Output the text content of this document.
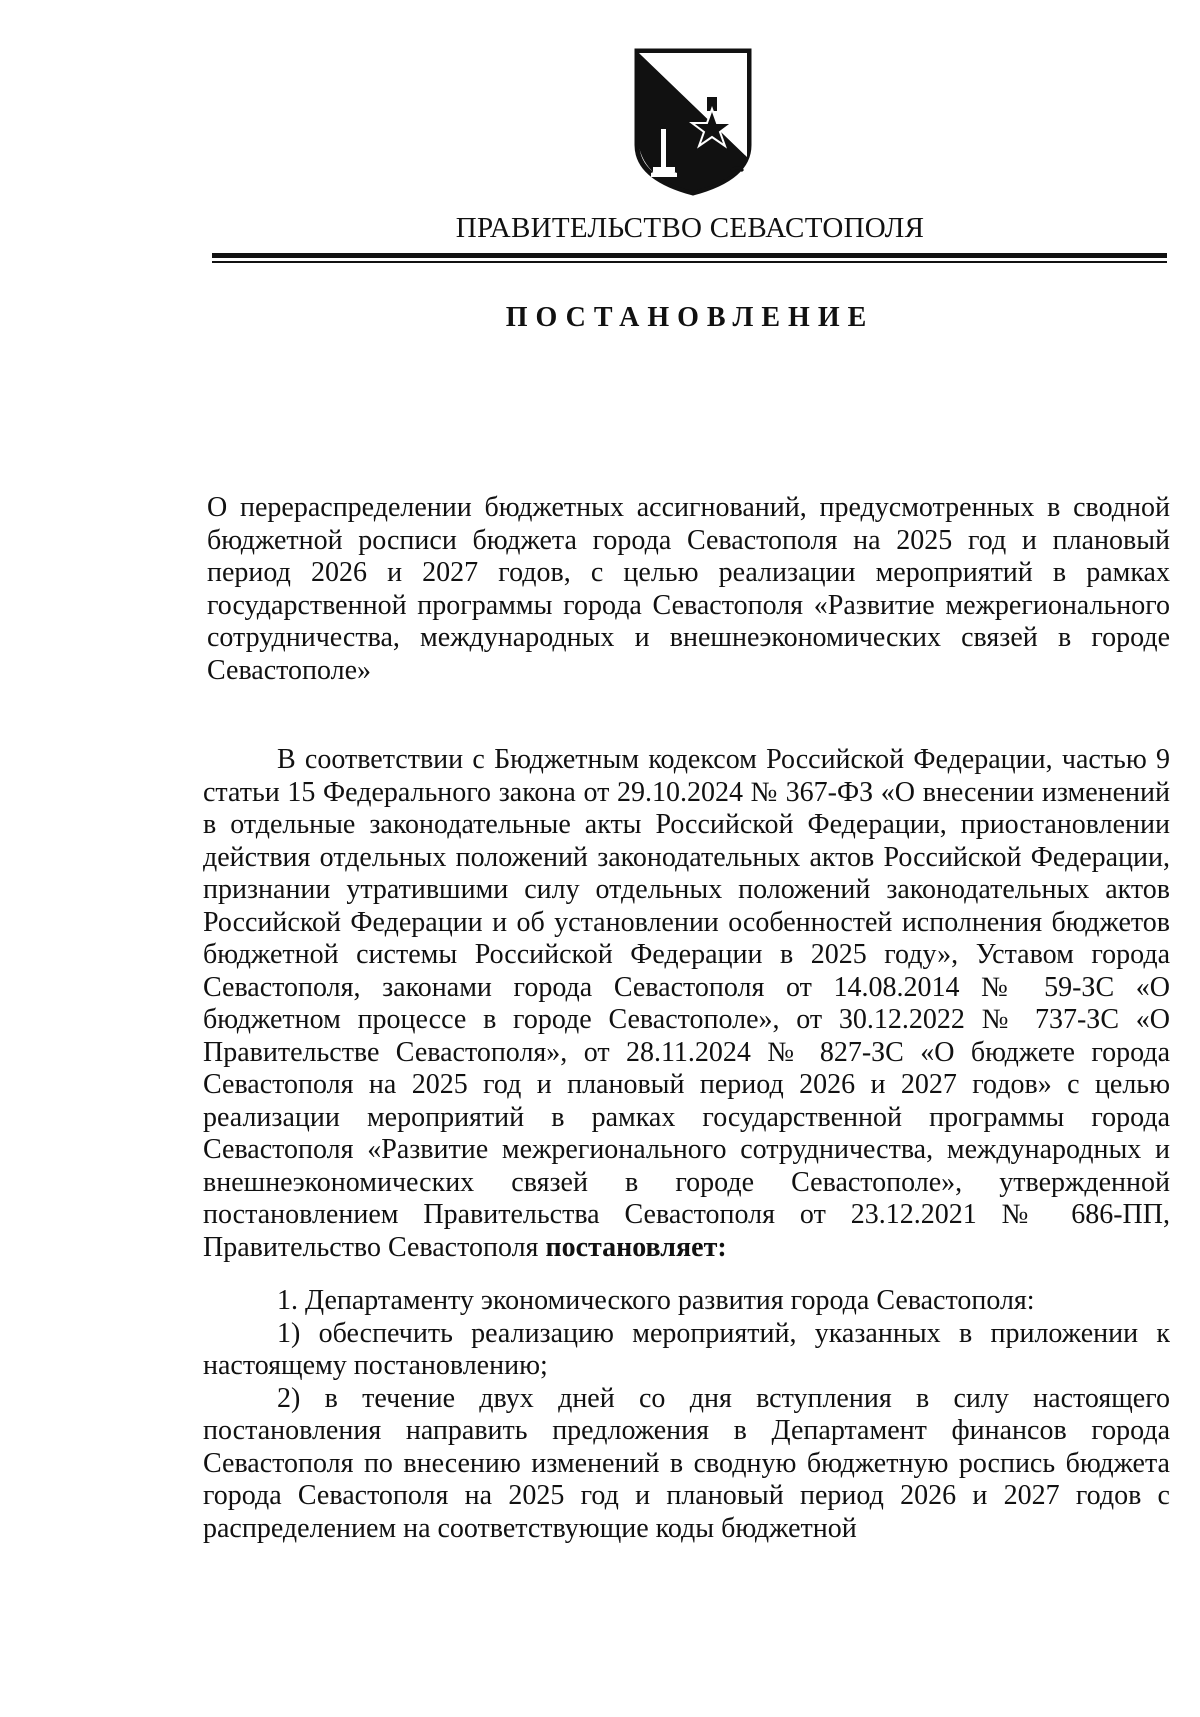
ПРАВИТЕЛЬСТВО СЕВАСТОПОЛЯ
ПОСТАНОВЛЕНИЕ
О перераспределении бюджетных ассигнований, предусмотренных в сводной бюджетной росписи бюджета города Севастополя на 2025 год и плановый период 2026 и 2027 годов, с целью реализации мероприятий в рамках государственной программы города Севастополя «Развитие межрегионального сотрудничества, международных и внешнеэкономических связей в городе Севастополе»

В соответствии с Бюджетным кодексом Российской Федерации, частью 9 статьи 15 Федерального закона от 29.10.2024 № 367-ФЗ «О внесении изменений в отдельные законодательные акты Российской Федерации, приостановлении действия отдельных положений законодательных актов Российской Федерации, признании утратившими силу отдельных положений законодательных актов Российской Федерации и об установлении особенностей исполнения бюджетов бюджетной системы Российской Федерации в 2025 году», Уставом города Севастополя, законами города Севастополя от 14.08.2014 № 59-ЗС «О бюджетном процессе в городе Севастополе», от 30.12.2022 № 737-ЗС «О Правительстве Севастополя», от 28.11.2024 № 827-ЗС «О бюджете города Севастополя на 2025 год и плановый период 2026 и 2027 годов» с целью реализации мероприятий в рамках государственной программы города Севастополя «Развитие межрегионального сотрудничества, международных и внешнеэкономических связей в городе Севастополе», утвержденной постановлением Правительства Севастополя от 23.12.2021 № 686-ПП, Правительство Севастополя постановляет:

1. Департаменту экономического развития города Севастополя:

1) обеспечить реализацию мероприятий, указанных в приложении к настоящему постановлению;

2) в течение двух дней со дня вступления в силу настоящего постановления направить предложения в Департамент финансов города Севастополя по внесению изменений в сводную бюджетную роспись бюджета города Севастополя на 2025 год и плановый период 2026 и 2027 годов с распределением на соответствующие коды бюджетной
